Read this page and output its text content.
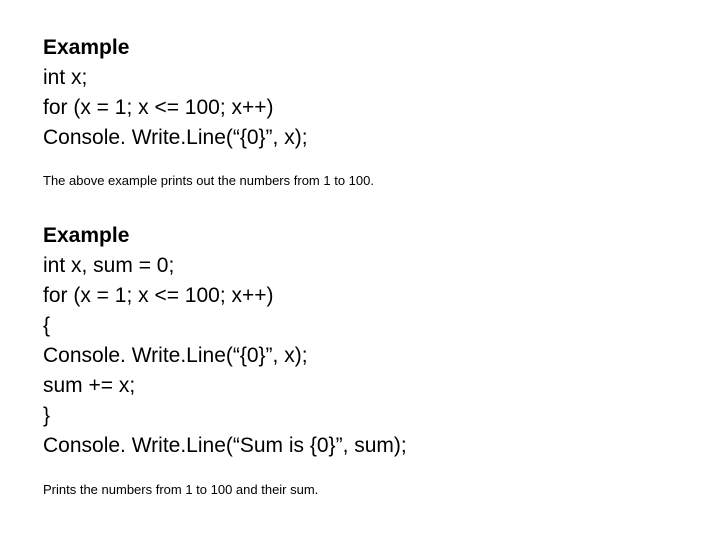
Example
int x;
for (x = 1; x <= 100; x++)
Console. Write.Line(“{0}”, x);
The above example prints out the numbers from 1 to 100.
Example
int x, sum = 0;
for (x = 1; x <= 100; x++)
{
Console. Write.Line(“{0}”, x);
sum += x;
}
Console. Write.Line(“Sum is {0}”, sum);
Prints the numbers from 1 to 100 and their sum.
